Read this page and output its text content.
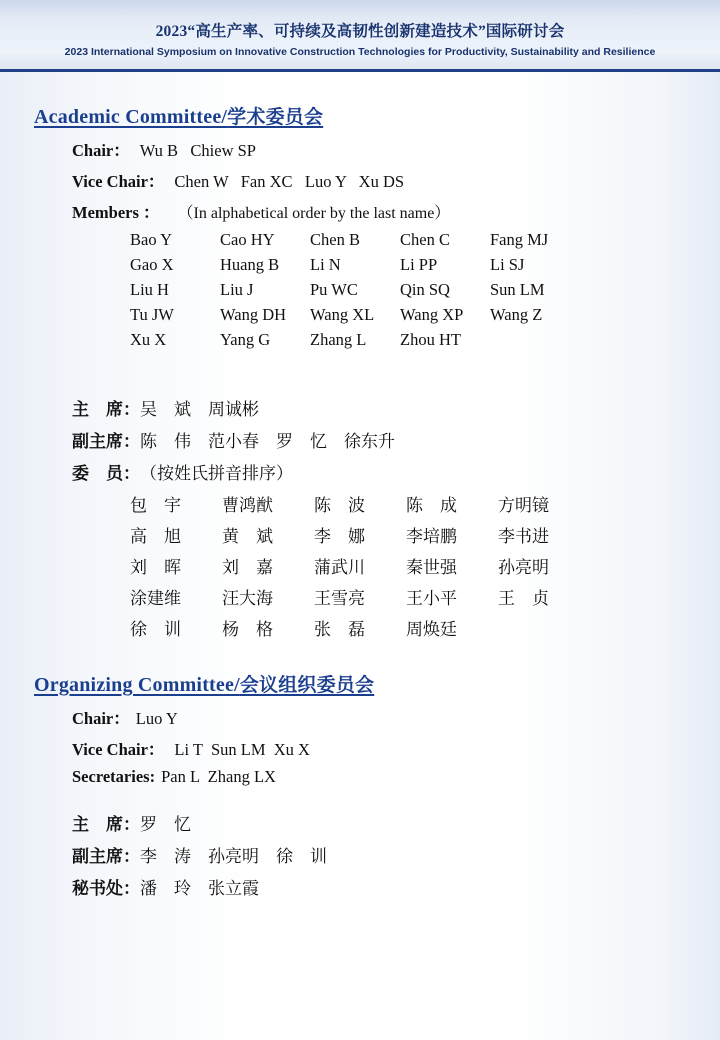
2023“高生产率、可持续及高韧性创新建造技术”国际研讨会
2023 International Symposium on Innovative Construction Technologies for Productivity, Sustainability and Resilience
Academic Committee/学术委员会
Chair： Wu B   Chiew SP
Vice Chair： Chen W   Fan XC   Luo Y   Xu DS
Members ：	（In alphabetical order by the last name）
Bao Y	Cao HY	Chen B	Chen C	Fang MJ
Gao X	Huang B	Li N	Li PP	Li SJ
Liu H	Liu J	Pu WC	Qin SQ	Sun LM
Tu JW	Wang DH	Wang XL	Wang XP	Wang Z
Xu X	Yang G	Zhang L	Zhou HT
主　席： 吴　斌　周诚彬
副主席： 陈　伟　范小春　罗　忆　徐东升
委　员： （按姓氏拼音排序）
包　宇	曹鸿猷	陈　波	陈　成	方明镜
高　旭	黄　斌	李　娜	李培鹏	李书进
刘　晖	刘　嘉	蒲武川	秦世强	孙亮明
涂建维	汪大海	王雪亮	王小平	王　贞
徐　训	杨　格	张　磊	周焕廷
Organizing Committee/会议组织委员会
Chair： Luo Y
Vice Chair： Li T  Sun LM  Xu X
Secretaries: Pan L  Zhang LX
主　席： 罗　忆
副主席： 李　涛　孙亮明　徐　训
秘书处： 潘　玲　张立霞
